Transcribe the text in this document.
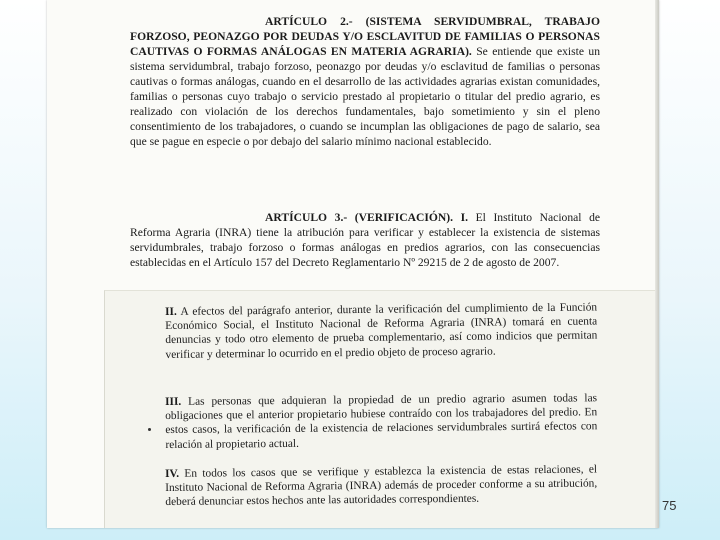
ARTÍCULO 2.- (SISTEMA SERVIDUMBRAL, TRABAJO FORZOSO, PEONAZGO POR DEUDAS Y/O ESCLAVITUD DE FAMILIAS O PERSONAS CAUTIVAS O FORMAS ANÁLOGAS EN MATERIA AGRARIA). Se entiende que existe un sistema servidumbral, trabajo forzoso, peonazgo por deudas y/o esclavitud de familias o personas cautivas o formas análogas, cuando en el desarrollo de las actividades agrarias existan comunidades, familias o personas cuyo trabajo o servicio prestado al propietario o titular del predio agrario, es realizado con violación de los derechos fundamentales, bajo sometimiento y sin el pleno consentimiento de los trabajadores, o cuando se incumplan las obligaciones de pago de salario, sea que se pague en especie o por debajo del salario mínimo nacional establecido.

ARTÍCULO 3.- (VERIFICACIÓN). I. El Instituto Nacional de Reforma Agraria (INRA) tiene la atribución para verificar y establecer la existencia de sistemas servidumbrales, trabajo forzoso o formas análogas en predios agrarios, con las consecuencias establecidas en el Artículo 157 del Decreto Reglamentario Nº 29215 de 2 de agosto de 2007.

II. A efectos del parágrafo anterior, durante la verificación del cumplimiento de la Función Económico Social, el Instituto Nacional de Reforma Agraria (INRA) tomará en cuenta denuncias y todo otro elemento de prueba complementario, así como indicios que permitan verificar y determinar lo ocurrido en el predio objeto de proceso agrario.

III. Las personas que adquieran la propiedad de un predio agrario asumen todas las obligaciones que el anterior propietario hubiese contraído con los trabajadores del predio. En estos casos, la verificación de la existencia de relaciones servidumbrales surtirá efectos con relación al propietario actual.

IV. En todos los casos que se verifique y establezca la existencia de estas relaciones, el Instituto Nacional de Reforma Agraria (INRA) además de proceder conforme a su atribución, deberá denunciar estos hechos ante las autoridades correspondientes.	75
